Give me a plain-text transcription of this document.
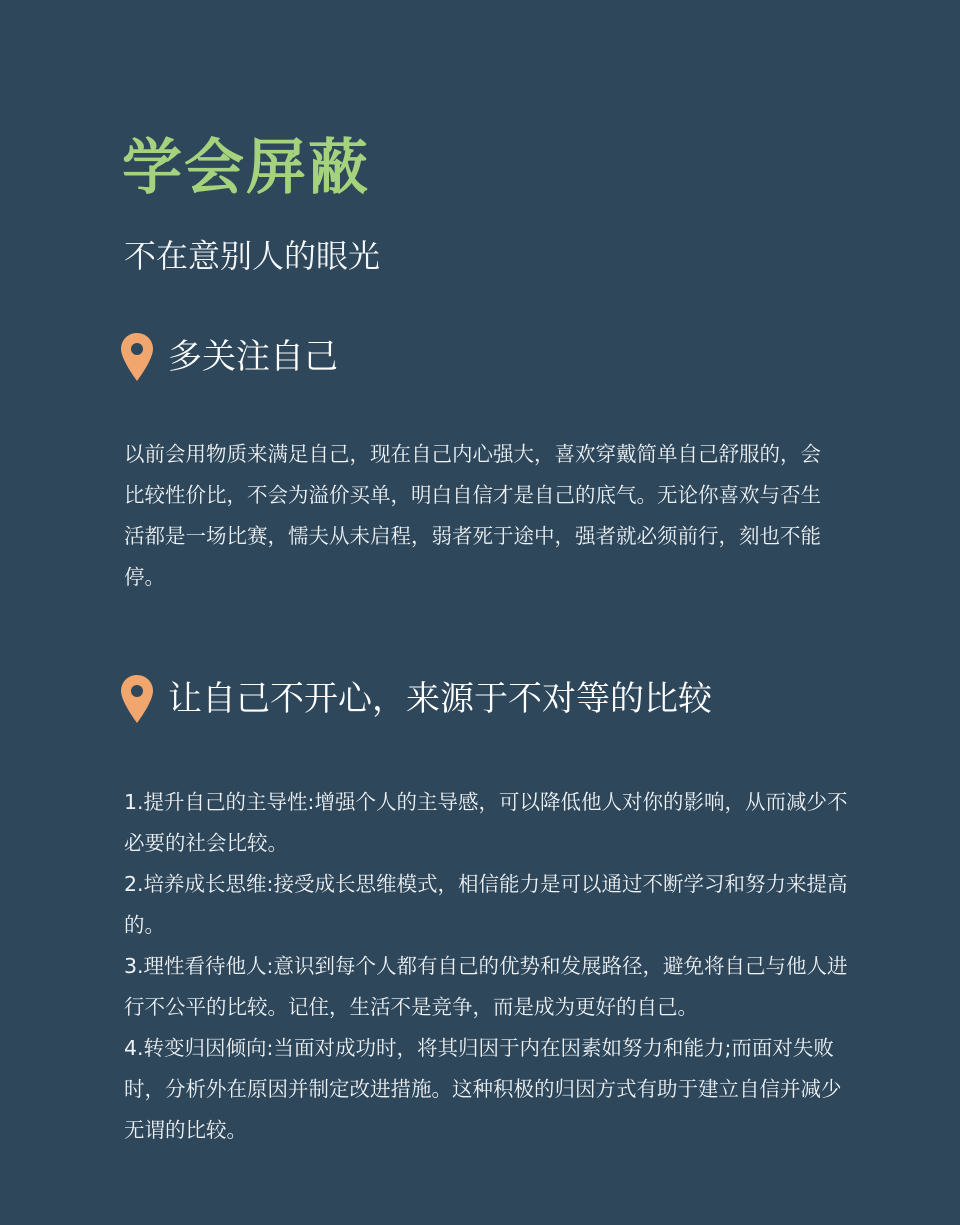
学会屏蔽

不在意别人的眼光

多关注自己

以前会用物质来满足自己，现在自己内心强大，喜欢穿戴简单自己舒服的，会比较性价比，不会为溢价买单，明白自信才是自己的底气。无论你喜欢与否生活都是一场比赛，懦夫从未启程，弱者死于途中，强者就必须前行，刻也不能停。

让自己不开心，来源于不对等的比较
1.提升自己的主导性:增强个人的主导感，可以降低他人对你的影响，从而减少不必要的社会比较。
2.培养成长思维:接受成长思维模式，相信能力是可以通过不断学习和努力来提高的。
3.理性看待他人:意识到每个人都有自己的优势和发展路径，避免将自己与他人进行不公平的比较。记住，生活不是竞争，而是成为更好的自己。
4.转变归因倾向:当面对成功时，将其归因于内在因素如努力和能力;而面对失败时，分析外在原因并制定改进措施。这种积极的归因方式有助于建立自信并减少无谓的比较。
